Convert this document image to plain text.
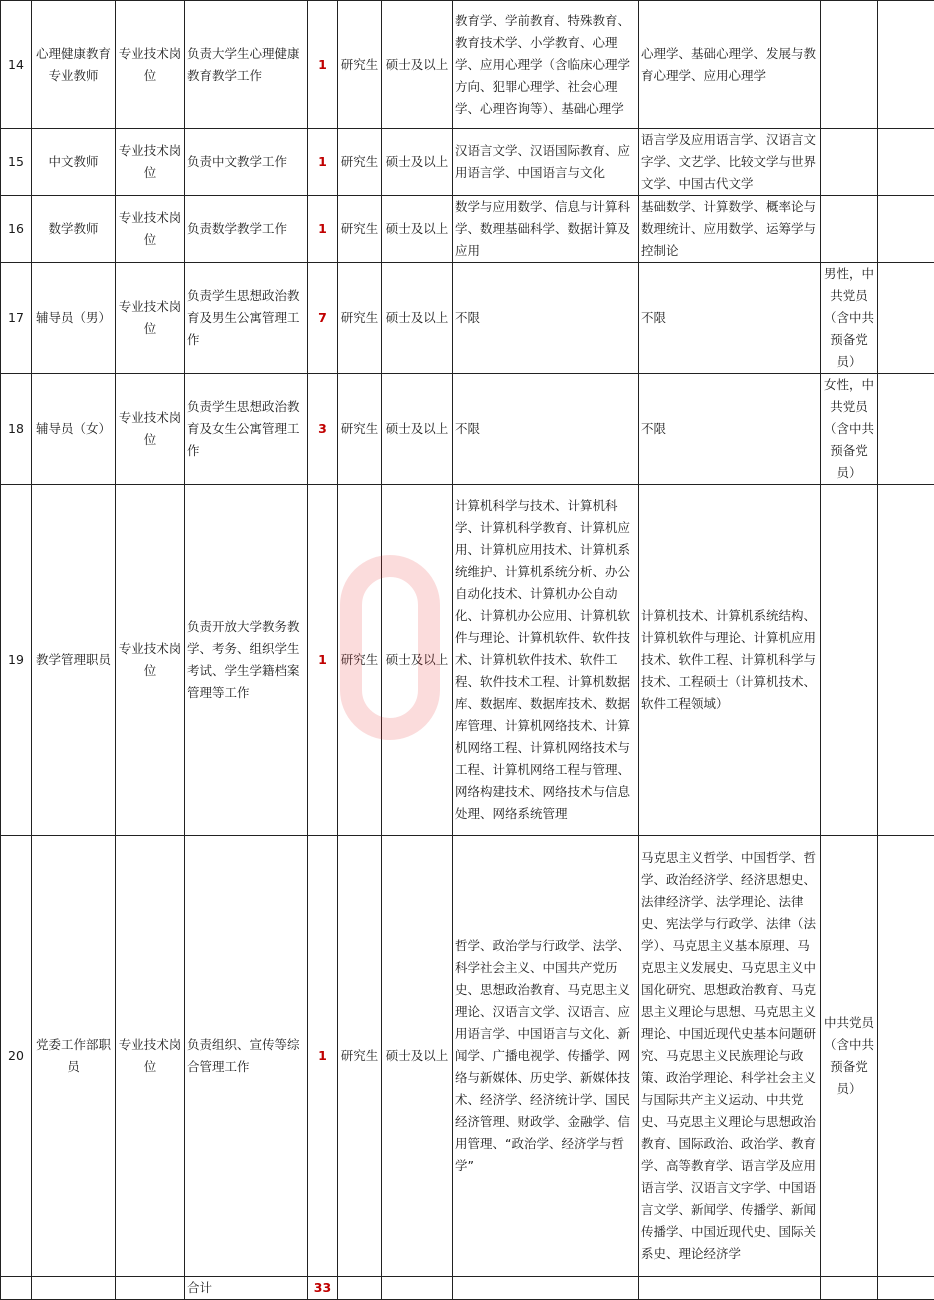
14	心理健康教育专业教师	专业技术岗位	负责大学生心理健康教育教学工作	1	研究生	硕士及以上	教育学、学前教育、特殊教育、教育技术学、小学教育、心理学、应用心理学（含临床心理学方向、犯罪心理学、社会心理学、心理咨询等）、基础心理学	心理学、基础心理学、发展与教育心理学、应用心理学		
15	中文教师	专业技术岗位	负责中文教学工作	1	研究生	硕士及以上	汉语言文学、汉语国际教育、应用语言学、中国语言与文化	语言学及应用语言学、汉语言文字学、文艺学、比较文学与世界文学、中国古代文学		
16	数学教师	专业技术岗位	负责数学教学工作	1	研究生	硕士及以上	数学与应用数学、信息与计算科学、数理基础科学、数据计算及应用	基础数学、计算数学、概率论与数理统计、应用数学、运筹学与控制论		
17	辅导员（男）	专业技术岗位	负责学生思想政治教育及男生公寓管理工作	7	研究生	硕士及以上	不限	不限	男性，中共党员（含中共预备党员）	
18	辅导员（女）	专业技术岗位	负责学生思想政治教育及女生公寓管理工作	3	研究生	硕士及以上	不限	不限	女性，中共党员（含中共预备党员）	
19	教学管理职员	专业技术岗位	负责开放大学教务教学、考务、组织学生考试、学生学籍档案管理等工作	1	研究生	硕士及以上	计算机科学与技术、计算机科学、计算机科学教育、计算机应用、计算机应用技术、计算机系统维护、计算机系统分析、办公自动化技术、计算机办公自动化、计算机办公应用、计算机软件与理论、计算机软件、软件技术、计算机软件技术、软件工程、软件技术工程、计算机数据库、数据库、数据库技术、数据库管理、计算机网络技术、计算机网络工程、计算机网络技术与工程、计算机网络工程与管理、网络构建技术、网络技术与信息处理、网络系统管理	计算机技术、计算机系统结构、计算机软件与理论、计算机应用技术、软件工程、计算机科学与技术、工程硕士（计算机技术、软件工程领域）		
20	党委工作部职员	专业技术岗位	负责组织、宣传等综合管理工作	1	研究生	硕士及以上	哲学、政治学与行政学、法学、科学社会主义、中国共产党历史、思想政治教育、马克思主义理论、汉语言文学、汉语言、应用语言学、中国语言与文化、新闻学、广播电视学、传播学、网络与新媒体、历史学、新媒体技术、经济学、经济统计学、国民经济管理、财政学、金融学、信用管理、“政治学、经济学与哲学”	马克思主义哲学、中国哲学、哲学、政治经济学、经济思想史、法律经济学、法学理论、法律史、宪法学与行政学、法律（法学）、马克思主义基本原理、马克思主义发展史、马克思主义中国化研究、思想政治教育、马克思主义理论与思想、马克思主义理论、中国近现代史基本问题研究、马克思主义民族理论与政策、政治学理论、科学社会主义与国际共产主义运动、中共党史、马克思主义理论与思想政治教育、国际政治、政治学、教育学、高等教育学、语言学及应用语言学、汉语言文字学、中国语言文学、新闻学、传播学、新闻传播学、中国近现代史、国际关系史、理论经济学	中共党员（含中共预备党员）	
			合计	33						
